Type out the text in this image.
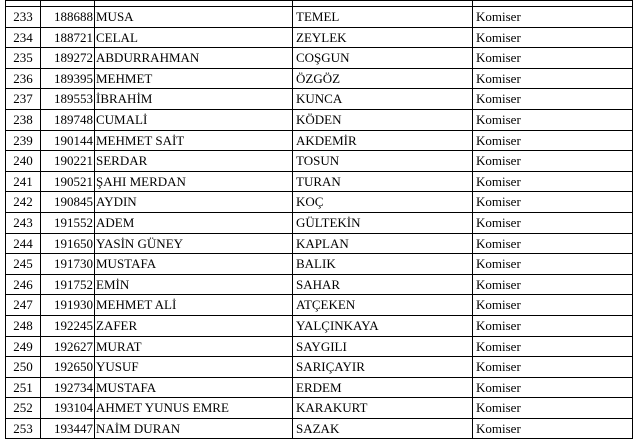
233	188688	MUSA	TEMEL	Komiser
234	188721	CELAL	ZEYLEK	Komiser
235	189272	ABDURRAHMAN	COŞGUN	Komiser
236	189395	MEHMET	ÖZGÖZ	Komiser
237	189553	İBRAHİM	KUNCA	Komiser
238	189748	CUMALİ	KÖDEN	Komiser
239	190144	MEHMET SAİT	AKDEMİR	Komiser
240	190221	SERDAR	TOSUN	Komiser
241	190521	ŞAHI MERDAN	TURAN	Komiser
242	190845	AYDIN	KOÇ	Komiser
243	191552	ADEM	GÜLTEKİN	Komiser
244	191650	YASİN GÜNEY	KAPLAN	Komiser
245	191730	MUSTAFA	BALIK	Komiser
246	191752	EMİN	SAHAR	Komiser
247	191930	MEHMET ALİ	ATÇEKEN	Komiser
248	192245	ZAFER	YALÇINKAYA	Komiser
249	192627	MURAT	SAYGILI	Komiser
250	192650	YUSUF	SARIÇAYIR	Komiser
251	192734	MUSTAFA	ERDEM	Komiser
252	193104	AHMET YUNUS EMRE	KARAKURT	Komiser
253	193447	NAİM DURAN	SAZAK	Komiser
